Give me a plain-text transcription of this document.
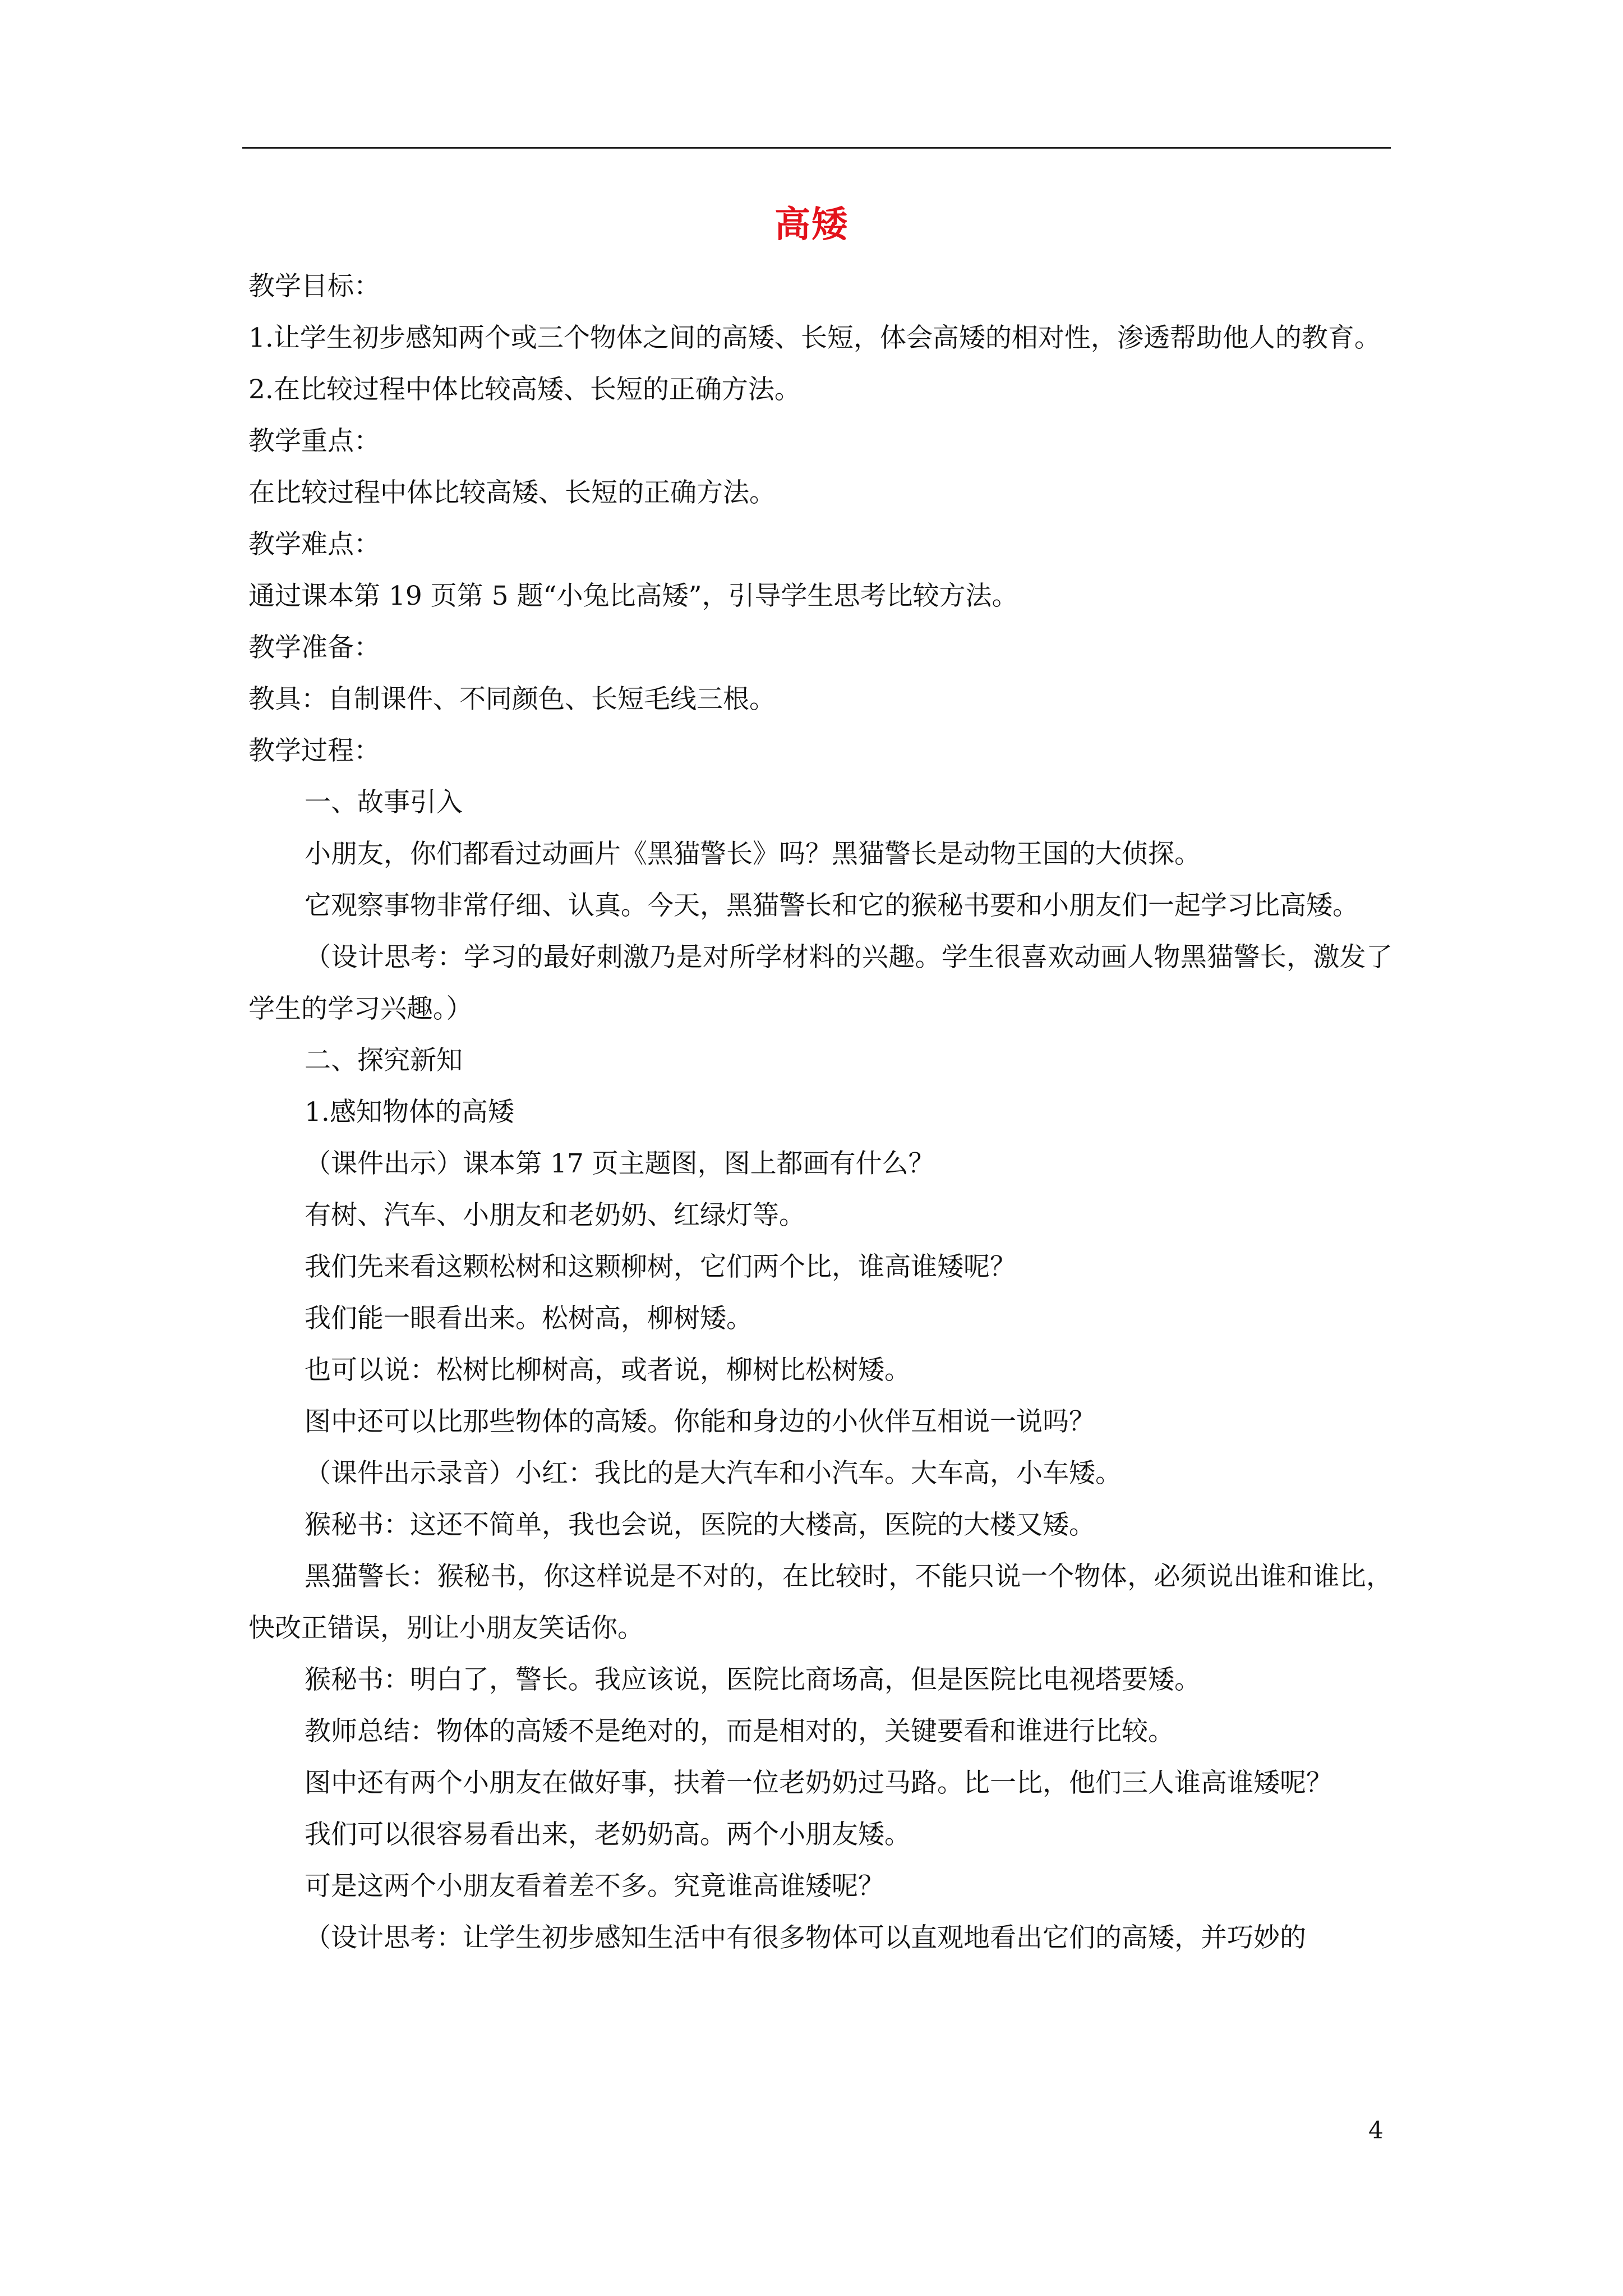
高矮

教学目标：

1.让学生初步感知两个或三个物体之间的高矮、长短，体会高矮的相对性，渗透帮助他人的教育。

2.在比较过程中体比较高矮、长短的正确方法。

教学重点：

在比较过程中体比较高矮、长短的正确方法。

教学难点：

通过课本第 19 页第 5 题“小兔比高矮”，引导学生思考比较方法。

教学准备：

教具：自制课件、不同颜色、长短毛线三根。

教学过程：

一、故事引入

小朋友，你们都看过动画片《黑猫警长》吗？黑猫警长是动物王国的大侦探。

它观察事物非常仔细、认真。今天，黑猫警长和它的猴秘书要和小朋友们一起学习比高矮。

（设计思考：学习的最好刺激乃是对所学材料的兴趣。学生很喜欢动画人物黑猫警长，激发了学生的学习兴趣。）

二、探究新知

1.感知物体的高矮

（课件出示）课本第 17 页主题图，图上都画有什么？

有树、汽车、小朋友和老奶奶、红绿灯等。

我们先来看这颗松树和这颗柳树，它们两个比，谁高谁矮呢？

我们能一眼看出来。松树高，柳树矮。

也可以说：松树比柳树高，或者说，柳树比松树矮。

图中还可以比那些物体的高矮。你能和身边的小伙伴互相说一说吗？

（课件出示录音）小红：我比的是大汽车和小汽车。大车高，小车矮。

猴秘书：这还不简单，我也会说，医院的大楼高，医院的大楼又矮。

黑猫警长：猴秘书，你这样说是不对的，在比较时，不能只说一个物体，必须说出谁和谁比，快改正错误，别让小朋友笑话你。

猴秘书：明白了，警长。我应该说，医院比商场高，但是医院比电视塔要矮。

教师总结：物体的高矮不是绝对的，而是相对的，关键要看和谁进行比较。

图中还有两个小朋友在做好事，扶着一位老奶奶过马路。比一比，他们三人谁高谁矮呢？

我们可以很容易看出来，老奶奶高。两个小朋友矮。

可是这两个小朋友看着差不多。究竟谁高谁矮呢？

（设计思考：让学生初步感知生活中有很多物体可以直观地看出它们的高矮，并巧妙的

4
